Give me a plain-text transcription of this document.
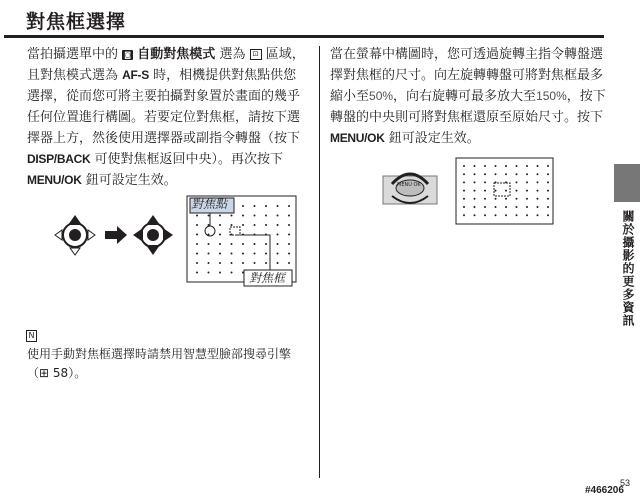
對焦框選擇

當拍攝選單中的 ◙ 自動對焦模式 選為 ⊡ 區域，且對焦模式選為 AF-S 時，相機提供對焦點供您選擇，從而您可將主要拍攝對象置於畫面的幾乎任何位置進行構圖。若要定位對焦框，請按下選擇器上方，然後使用選擇器或副指令轉盤（按下 DISP/BACK 可使對焦框返回中央）。再次按下 MENU/OK 鈕可設定生效。

對焦點
對焦框
N

使用手動對焦框選擇時請禁用智慧型臉部搜尋引擎（⊞ 58）。

當在螢幕中構圖時，您可透過旋轉主指令轉盤選擇對焦框的尺寸。向左旋轉轉盤可將對焦框最多縮小至50%，向右旋轉可最多放大至150%，按下轉盤的中央則可將對焦框還原至原始尺寸。按下 MENU/OK 鈕可設定生效。

MENU OK
關於攝影的更多資訊
53
#466206
